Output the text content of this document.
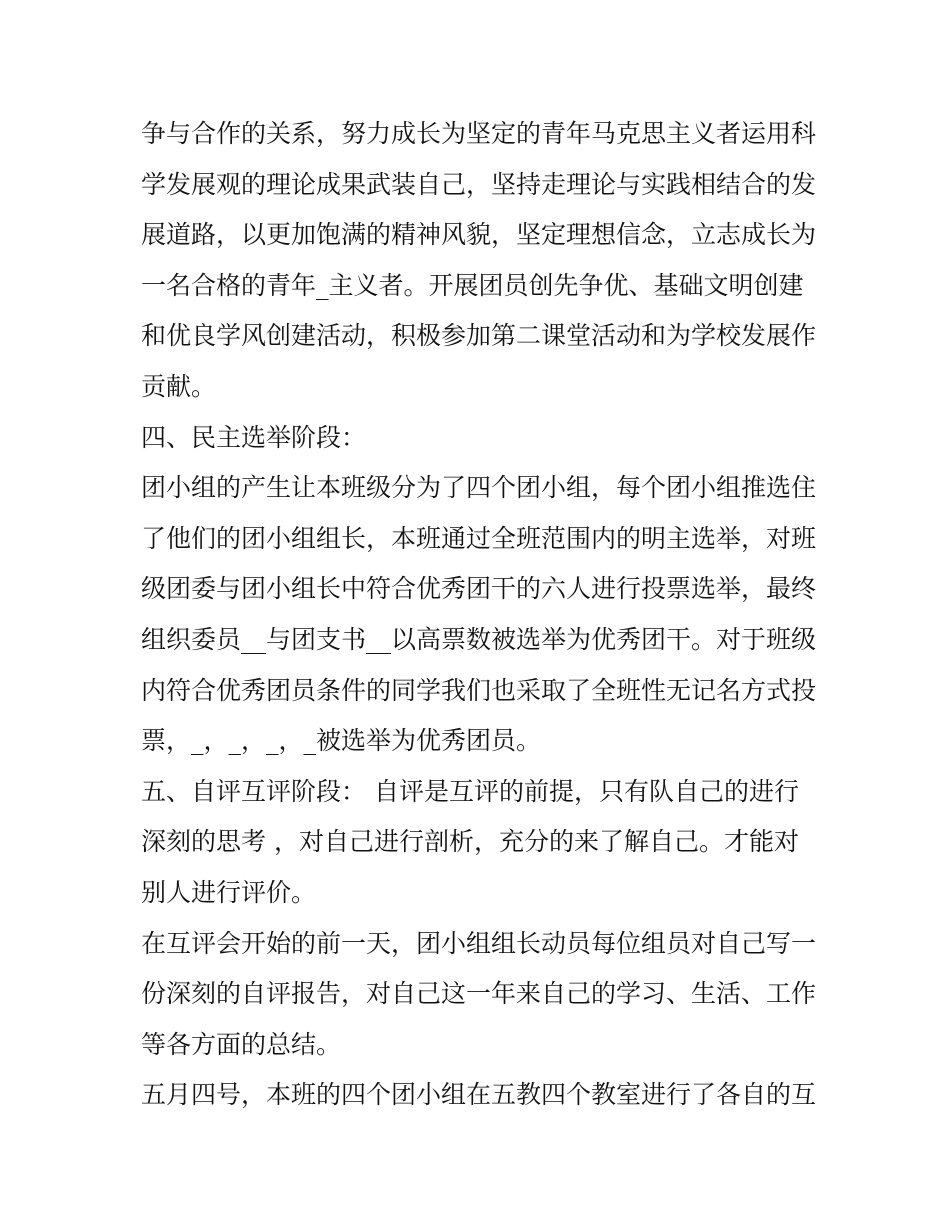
争与合作的关系，努力成长为坚定的青年马克思主义者运用科
学发展观的理论成果武装自己，坚持走理论与实践相结合的发
展道路，以更加饱满的精神风貌，坚定理想信念，立志成长为
一名合格的青年_主义者。开展团员创先争优、基础文明创建
和优良学风创建活动，积极参加第二课堂活动和为学校发展作
贡献。
四、民主选举阶段：
团小组的产生让本班级分为了四个团小组，每个团小组推选住
了他们的团小组组长，本班通过全班范围内的明主选举，对班
级团委与团小组长中符合优秀团干的六人进行投票选举，最终
组织委员__与团支书__以高票数被选举为优秀团干。对于班级
内符合优秀团员条件的同学我们也采取了全班性无记名方式投
票，_，_，_，_被选举为优秀团员。
五、自评互评阶段： 自评是互评的前提，只有队自己的进行
深刻的思考 ，对自己进行剖析，充分的来了解自己。才能对
别人进行评价。
在互评会开始的前一天，团小组组长动员每位组员对自己写一
份深刻的自评报告，对自己这一年来自己的学习、生活、工作
等各方面的总结。
五月四号，本班的四个团小组在五教四个教室进行了各自的互
